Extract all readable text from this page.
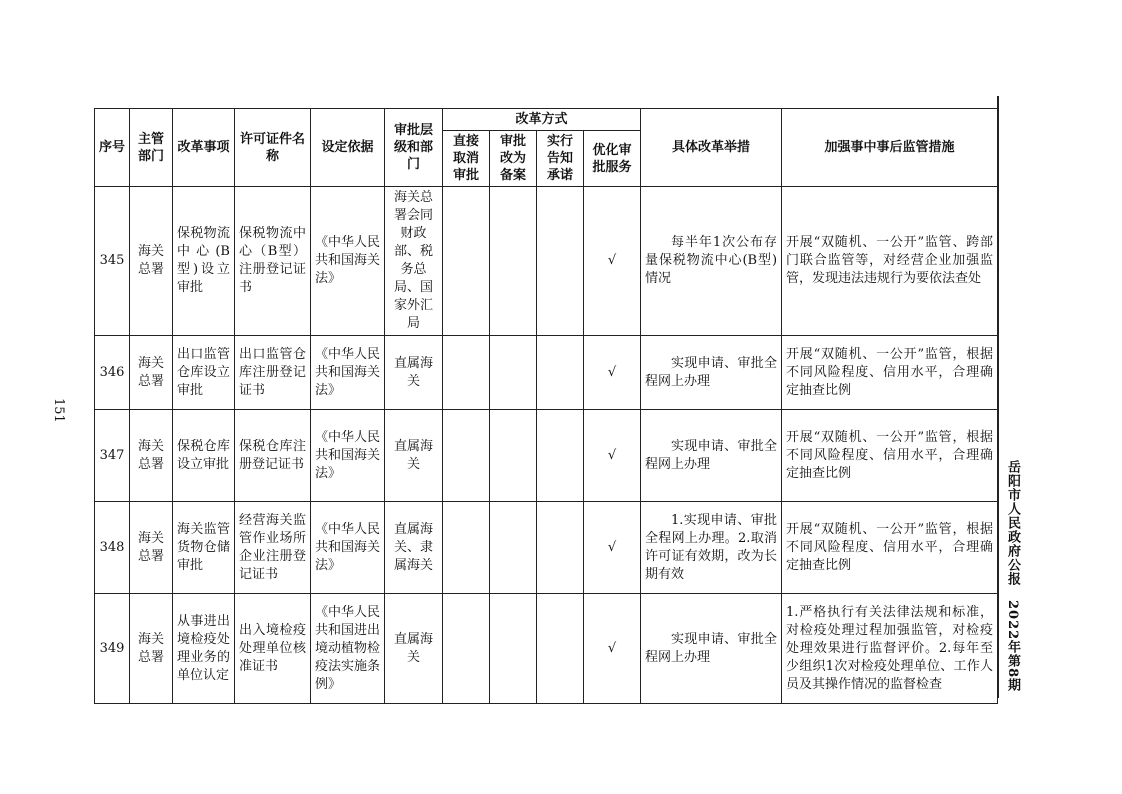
151
岳阳市人民政府公报　2022年第8期
序号	主管部门	改革事项	许可证件名称	设定依据	审批层级和部门	改革方式				具体改革举措	加强事中事后监管措施
						直接取消审批	审批改为备案	实行告知承诺	优化审批服务		
345	海关总署	保税物流中心(B型)设立审批	保税物流中心（B型）注册登记证书	《中华人民共和国海关法》	海关总署会同财政部、税务总局、国家外汇局				√	每半年1次公布存量保税物流中心(B型)情况	开展“双随机、一公开”监管、跨部门联合监管等，对经营企业加强监管，发现违法违规行为要依法查处
346	海关总署	出口监管仓库设立审批	出口监管仓库注册登记证书	《中华人民共和国海关法》	直属海关				√	实现申请、审批全程网上办理	开展“双随机、一公开”监管，根据不同风险程度、信用水平，合理确定抽查比例
347	海关总署	保税仓库设立审批	保税仓库注册登记证书	《中华人民共和国海关法》	直属海关				√	实现申请、审批全程网上办理	开展“双随机、一公开”监管，根据不同风险程度、信用水平，合理确定抽查比例
348	海关总署	海关监管货物仓储审批	经营海关监管作业场所企业注册登记证书	《中华人民共和国海关法》	直属海关、隶属海关				√	1.实现申请、审批全程网上办理。2.取消许可证有效期，改为长期有效	开展“双随机、一公开”监管，根据不同风险程度、信用水平，合理确定抽查比例
349	海关总署	从事进出境检疫处理业务的单位认定	出入境检疫处理单位核准证书	《中华人民共和国进出境动植物检疫法实施条例》	直属海关				√	实现申请、审批全程网上办理	1.严格执行有关法律法规和标准，对检疫处理过程加强监管，对检疫处理效果进行监督评价。2.每年至少组织1次对检疫处理单位、工作人员及其操作情况的监督检查
